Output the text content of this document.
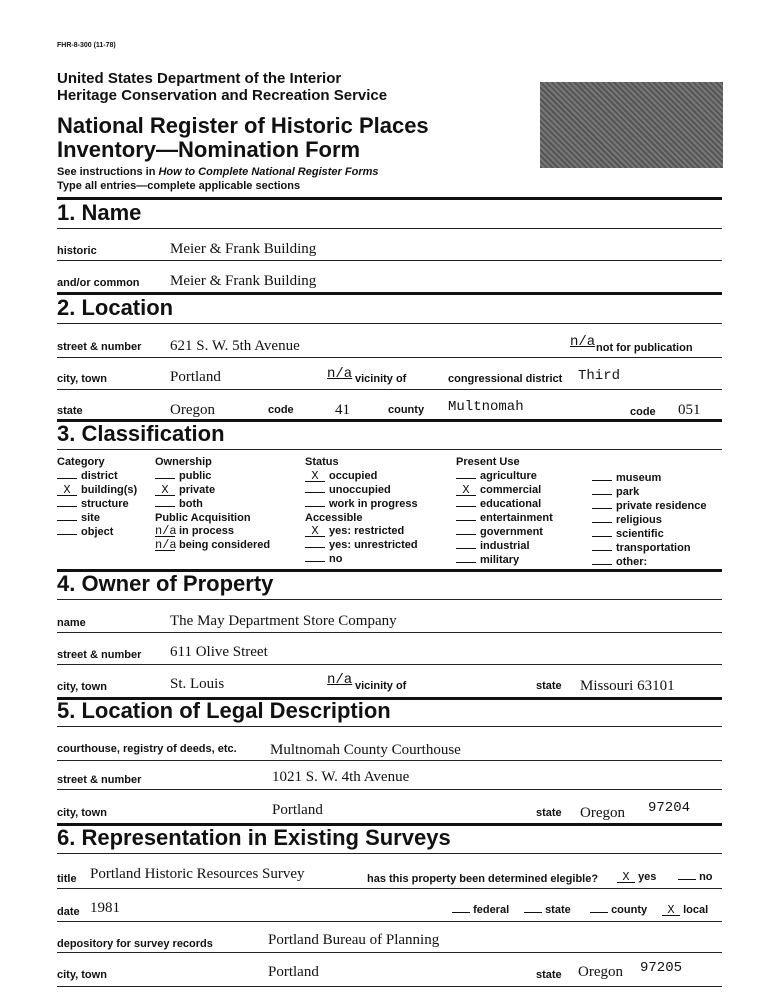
FHR-8-300 (11-78)
United States Department of the Interior
Heritage Conservation and Recreation Service
National Register of Historic Places
Inventory—Nomination Form
See instructions in How to Complete National Register Forms
Type all entries—complete applicable sections
1. Name
historic	Meier & Frank Building
and/or common Meier & Frank Building
2. Location
street & number 621 S. W. 5th Avenue	n/a not for publication
city, town	Portland	n/a vicinity of	congressional district Third
state	Oregon	code	41	county Multnomah	code 051
3. Classification
Category
district
X building(s)
structure
site
object
Ownership
public
X private
both
Public Acquisition
n/a in process
n/a being considered
Status
X occupied
unoccupied
work in progress
Accessible
X yes: restricted
yes: unrestricted
no
Present Use
agriculture
X commercial
educational
entertainment
government
industrial
military
museum
park
private residence
religious
scientific
transportation
other:
4. Owner of Property
name	The May Department Store Company
street & number 611 Olive Street
city, town	St. Louis	n/a vicinity of	state Missouri 63101
5. Location of Legal Description
courthouse, registry of deeds, etc. Multnomah County Courthouse
street & number	1021 S. W. 4th Avenue
city, town	Portland	state Oregon 97204
6. Representation in Existing Surveys
title Portland Historic Resources Survey	has this property been determined elegible?	X yes	no
date 1981	federal	state	county	X local
depository for survey records	Portland Bureau of Planning
city, town	Portland	state Oregon 97205
